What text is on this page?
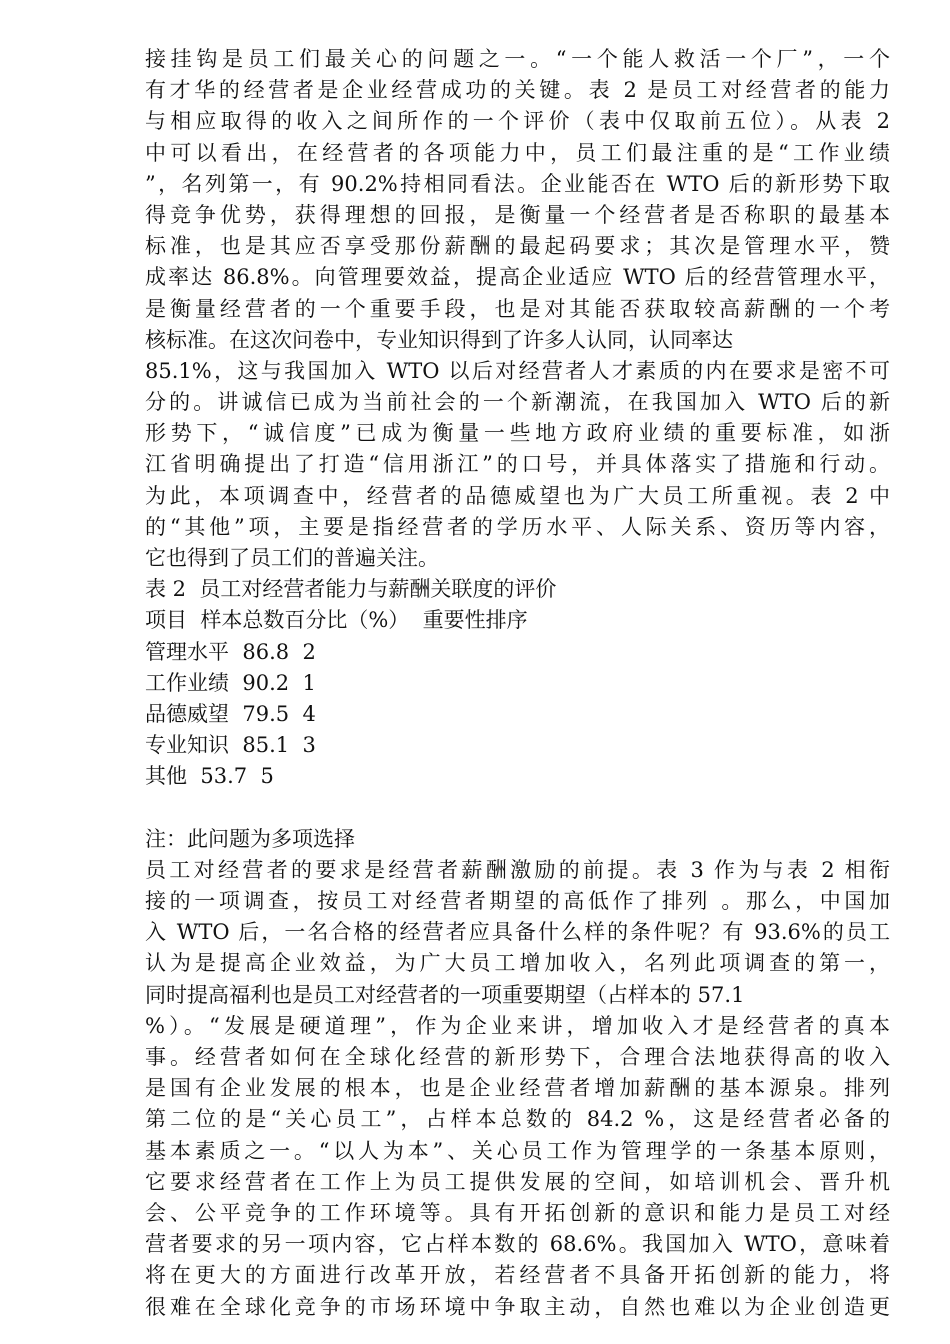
接挂钩是员工们最关心的问题之一。“一个能人救活一个厂”，一个
有才华的经营者是企业经营成功的关键。表 2 是员工对经营者的能力
与相应取得的收入之间所作的一个评价（表中仅取前五位）。从表 2
中可以看出，在经营者的各项能力中，员工们最注重的是“工作业绩
”，名列第一，有 90.2%持相同看法。企业能否在 WTO 后的新形势下取
得竞争优势，获得理想的回报，是衡量一个经营者是否称职的最基本
标准，也是其应否享受那份薪酬的最起码要求；其次是管理水平，赞
成率达 86.8%。向管理要效益，提高企业适应 WTO 后的经营管理水平，
是衡量经营者的一个重要手段，也是对其能否获取较高薪酬的一个考
核标准。在这次问卷中，专业知识得到了许多人认同，认同率达
85.1%，这与我国加入 WTO 以后对经营者人才素质的内在要求是密不可
分的。讲诚信已成为当前社会的一个新潮流，在我国加入 WTO 后的新
形势下，“诚信度”已成为衡量一些地方政府业绩的重要标准，如浙
江省明确提出了打造“信用浙江”的口号，并具体落实了措施和行动。
为此，本项调查中，经营者的品德威望也为广大员工所重视。表 2 中
的“其他”项，主要是指经营者的学历水平、人际关系、资历等内容，
它也得到了员工们的普遍关注。
表 2  员工对经营者能力与薪酬关联度的评价
项目  样本总数百分比（%）  重要性排序
管理水平  86.8  2
工作业绩  90.2  1
品德威望  79.5  4
专业知识  85.1  3
其他  53.7  5
注：此问题为多项选择
员工对经营者的要求是经营者薪酬激励的前提。表 3 作为与表 2 相衔
接的一项调查，按员工对经营者期望的高低作了排列 。那么，中国加
入 WTO 后，一名合格的经营者应具备什么样的条件呢？有 93.6%的员工
认为是提高企业效益，为广大员工增加收入，名列此项调查的第一，
同时提高福利也是员工对经营者的一项重要期望（占样本的 57.1
%）。“发展是硬道理”，作为企业来讲，增加收入才是经营者的真本
事。经营者如何在全球化经营的新形势下，合理合法地获得高的收入
是国有企业发展的根本，也是企业经营者增加薪酬的基本源泉。排列
第二位的是“关心员工”，占样本总数的 84.2 %，这是经营者必备的
基本素质之一。“以人为本”、关心员工作为管理学的一条基本原则，
它要求经营者在工作上为员工提供发展的空间，如培训机会、晋升机
会、公平竞争的工作环境等。具有开拓创新的意识和能力是员工对经
营者要求的另一项内容，它占样本数的 68.6%。我国加入 WTO，意味着
将在更大的方面进行改革开放，若经营者不具备开拓创新的能力，将
很难在全球化竞争的市场环境中争取主动，自然也难以为企业创造更
